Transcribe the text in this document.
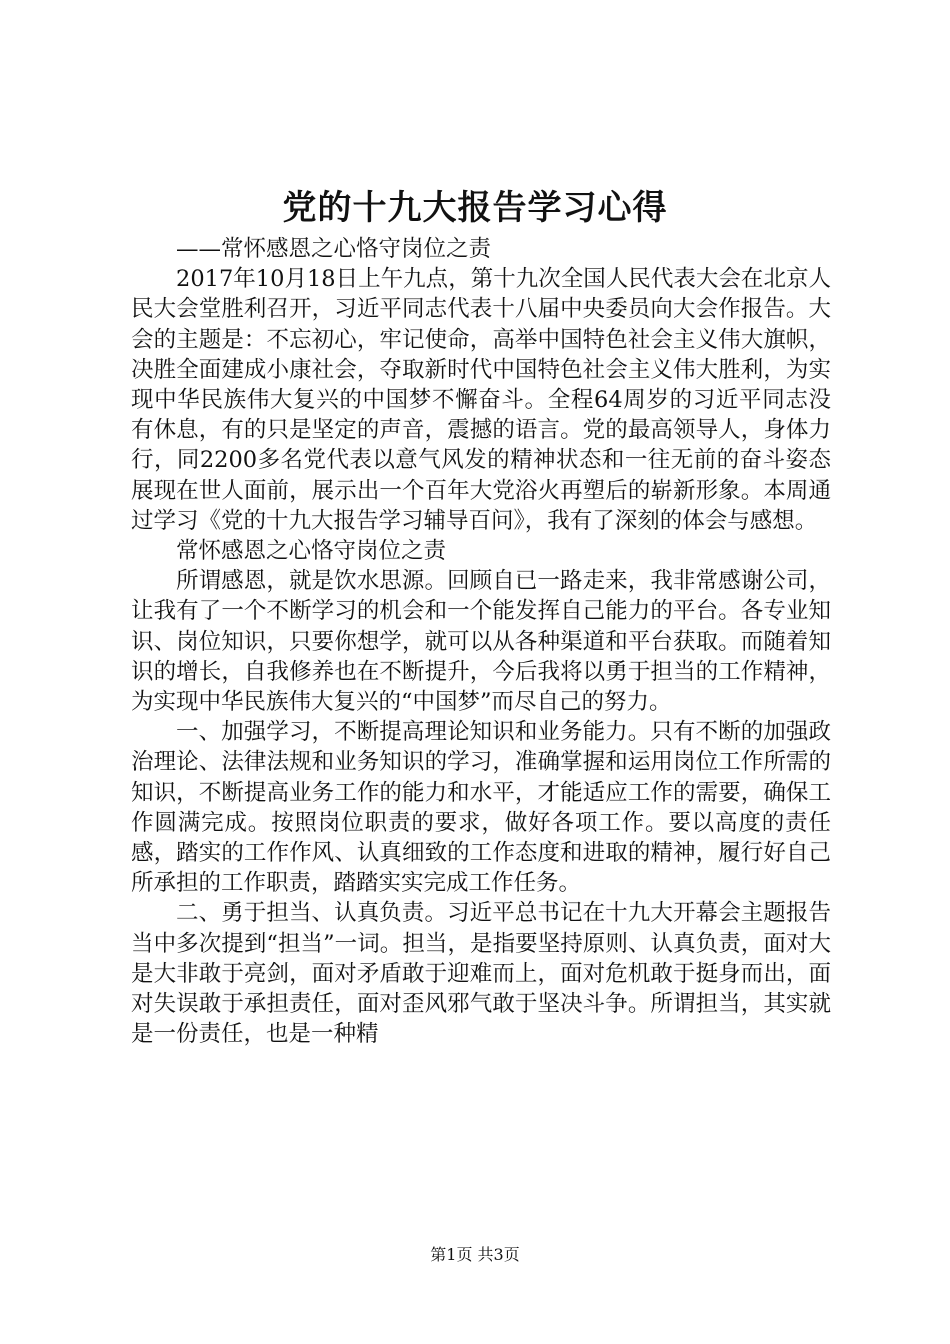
党的十九大报告学习心得

——常怀感恩之心恪守岗位之责

2017年10月18日上午九点，第十九次全国人民代表大会在北京人民大会堂胜利召开，习近平同志代表十八届中央委员向大会作报告。大会的主题是：不忘初心，牢记使命，高举中国特色社会主义伟大旗帜，决胜全面建成小康社会，夺取新时代中国特色社会主义伟大胜利，为实现中华民族伟大复兴的中国梦不懈奋斗。全程64周岁的习近平同志没有休息，有的只是坚定的声音，震撼的语言。党的最高领导人，身体力行，同2200多名党代表以意气风发的精神状态和一往无前的奋斗姿态展现在世人面前，展示出一个百年大党浴火再塑后的崭新形象。本周通过学习《党的十九大报告学习辅导百问》，我有了深刻的体会与感想。

常怀感恩之心恪守岗位之责

所谓感恩，就是饮水思源。回顾自已一路走来，我非常感谢公司，让我有了一个不断学习的机会和一个能发挥自己能力的平台。各专业知识、岗位知识，只要你想学，就可以从各种渠道和平台获取。而随着知识的增长，自我修养也在不断提升，今后我将以勇于担当的工作精神，为实现中华民族伟大复兴的“中国梦”而尽自己的努力。

一、加强学习，不断提高理论知识和业务能力。只有不断的加强政治理论、法律法规和业务知识的学习，准确掌握和运用岗位工作所需的知识，不断提高业务工作的能力和水平，才能适应工作的需要，确保工作圆满完成。按照岗位职责的要求，做好各项工作。要以高度的责任感，踏实的工作作风、认真细致的工作态度和进取的精神，履行好自己所承担的工作职责，踏踏实实完成工作任务。

二、勇于担当、认真负责。习近平总书记在十九大开幕会主题报告当中多次提到“担当”一词。担当，是指要坚持原则、认真负责，面对大是大非敢于亮剑，面对矛盾敢于迎难而上，面对危机敢于挺身而出，面对失误敢于承担责任，面对歪风邪气敢于坚决斗争。所谓担当，其实就是一份责任，也是一种精

第1页 共3页
